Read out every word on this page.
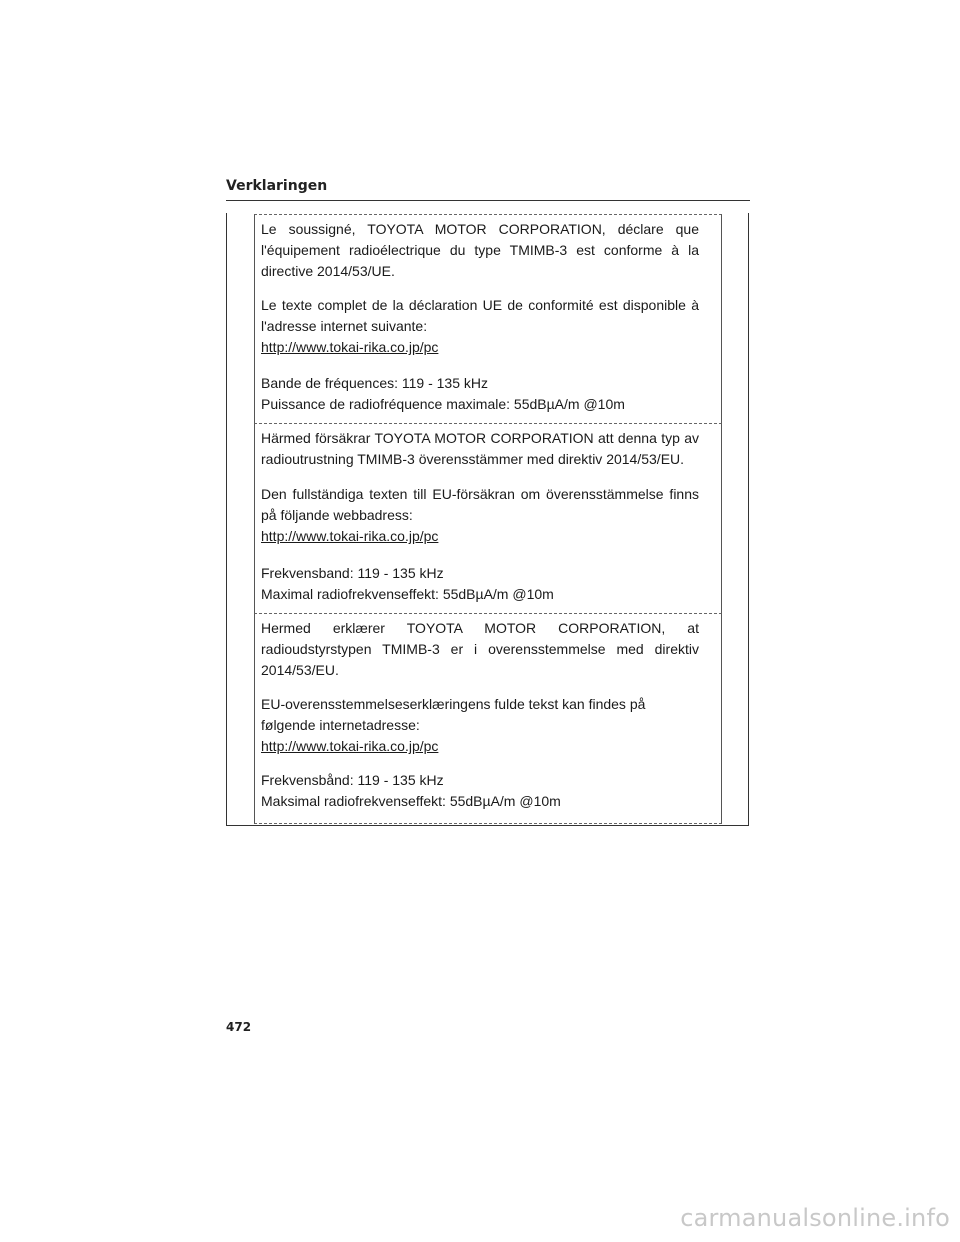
Verklaringen
Le soussigné, TOYOTA MOTOR CORPORATION, déclare que
l'équipement radioélectrique du type TMIMB-3 est conforme à la
directive 2014/53/UE.
Le texte complet de la déclaration UE de conformité est disponible à
l'adresse internet suivante:
http://www.tokai-rika.co.jp/pc
Bande de fréquences: 119 - 135 kHz
Puissance de radiofréquence maximale: 55dBµA/m @10m
Härmed försäkrar TOYOTA MOTOR CORPORATION att denna typ av
radioutrustning TMIMB-3 överensstämmer med direktiv 2014/53/EU.
Den fullständiga texten till EU-försäkran om överensstämmelse finns
på följande webbadress:
http://www.tokai-rika.co.jp/pc
Frekvensband: 119 - 135 kHz
Maximal radiofrekvenseffekt: 55dBµA/m @10m
Hermed erklærer TOYOTA MOTOR CORPORATION, at
radioudstyrstypen TMIMB-3 er i overensstemmelse med direktiv
2014/53/EU.
EU-overensstemmelseserklæringens fulde tekst kan findes på
følgende internetadresse:
http://www.tokai-rika.co.jp/pc
Frekvensbånd: 119 - 135 kHz
Maksimal radiofrekvenseffekt: 55dBµA/m @10m
472
carmanualsonline.info
